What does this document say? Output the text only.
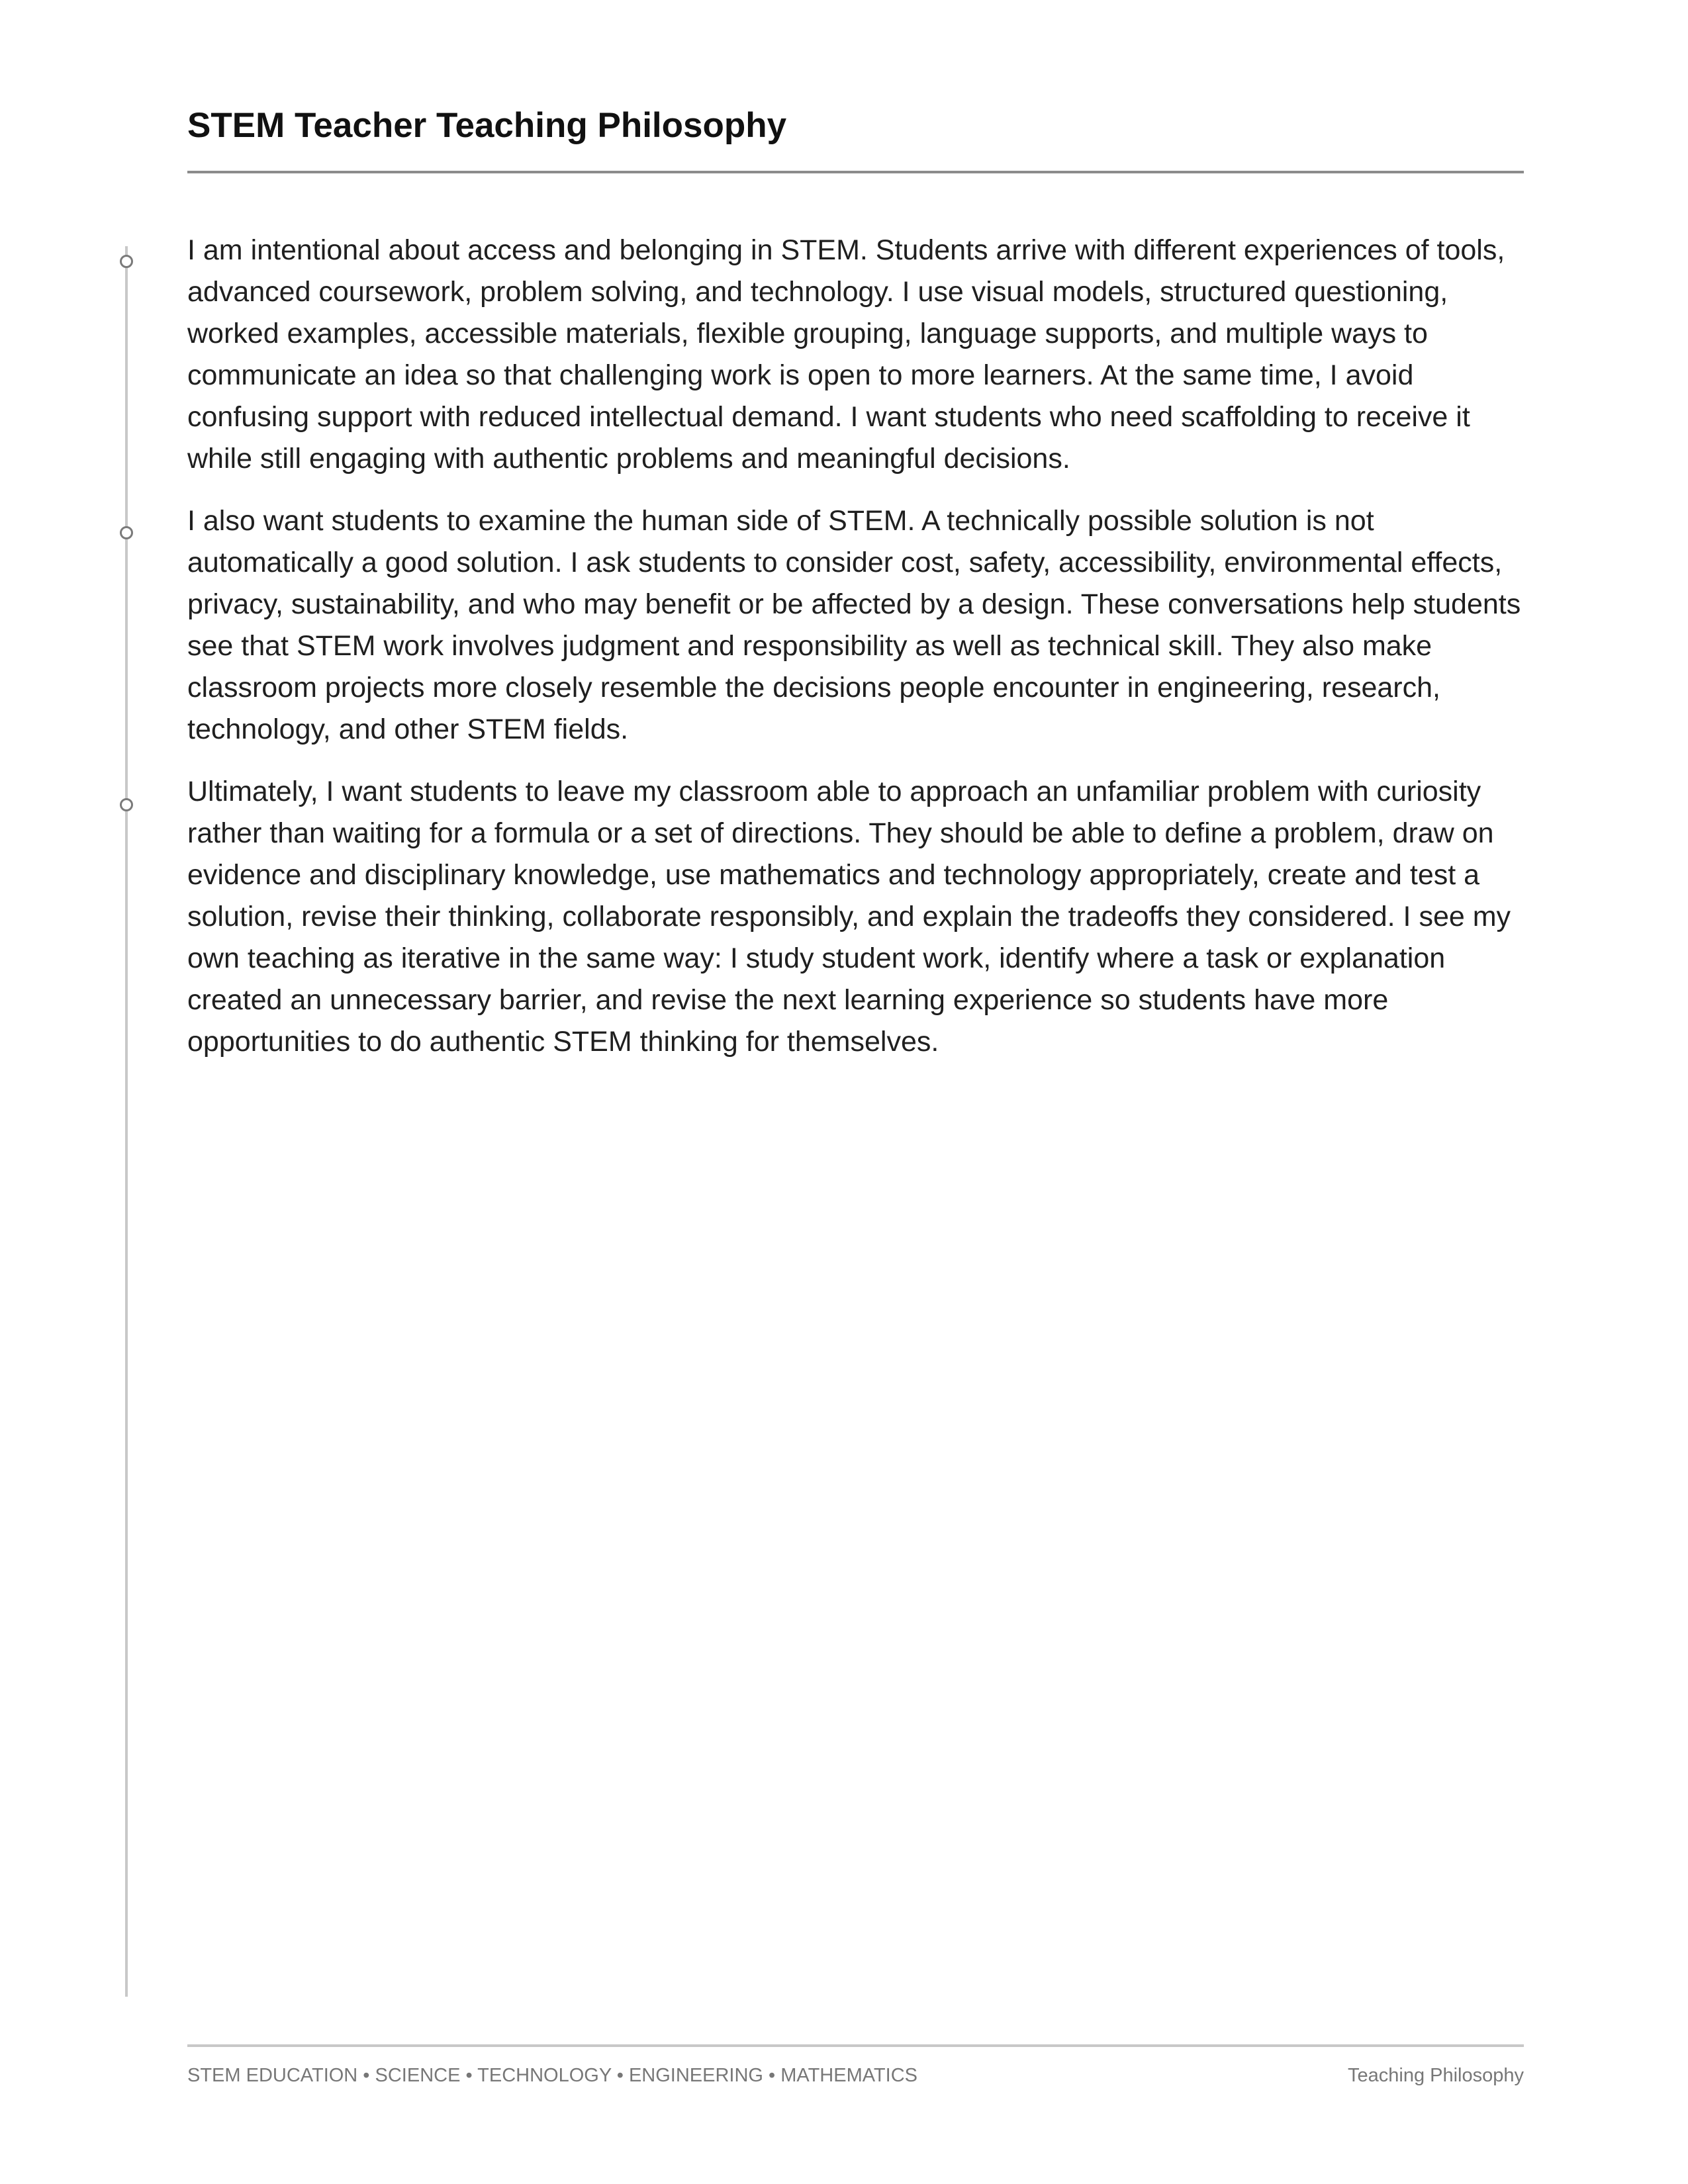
STEM Teacher Teaching Philosophy

I am intentional about access and belonging in STEM. Students arrive with different experiences of tools, advanced coursework, problem solving, and technology. I use visual models, structured questioning, worked examples, accessible materials, flexible grouping, language supports, and multiple ways to communicate an idea so that challenging work is open to more learners. At the same time, I avoid confusing support with reduced intellectual demand. I want students who need scaffolding to receive it while still engaging with authentic problems and meaningful decisions.

I also want students to examine the human side of STEM. A technically possible solution is not automatically a good solution. I ask students to consider cost, safety, accessibility, environmental effects, privacy, sustainability, and who may benefit or be affected by a design. These conversations help students see that STEM work involves judgment and responsibility as well as technical skill. They also make classroom projects more closely resemble the decisions people encounter in engineering, research, technology, and other STEM fields.

Ultimately, I want students to leave my classroom able to approach an unfamiliar problem with curiosity rather than waiting for a formula or a set of directions. They should be able to define a problem, draw on evidence and disciplinary knowledge, use mathematics and technology appropriately, create and test a solution, revise their thinking, collaborate responsibly, and explain the tradeoffs they considered. I see my own teaching as iterative in the same way: I study student work, identify where a task or explanation created an unnecessary barrier, and revise the next learning experience so students have more opportunities to do authentic STEM thinking for themselves.

STEM EDUCATION • SCIENCE • TECHNOLOGY • ENGINEERING • MATHEMATICS	Teaching Philosophy
